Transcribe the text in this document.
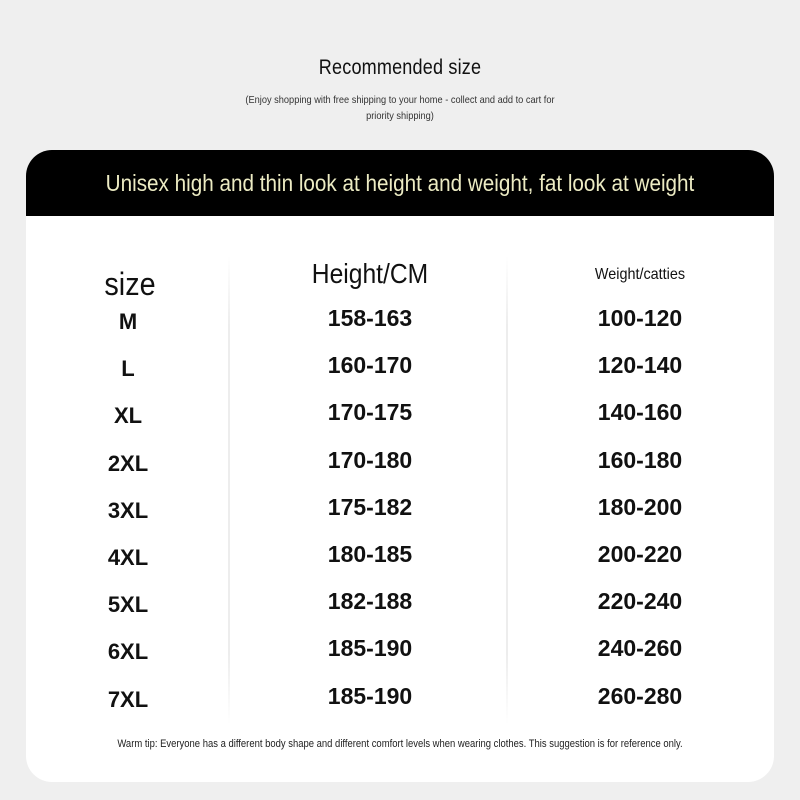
Recommended size
(Enjoy shopping with free shipping to your home - collect and add to cart for priority shipping)
Unisex high and thin look at height and weight, fat look at weight
size	Height/CM	Weight/catties
M	158-163	100-120
L	160-170	120-140
XL	170-175	140-160
2XL	170-180	160-180
3XL	175-182	180-200
4XL	180-185	200-220
5XL	182-188	220-240
6XL	185-190	240-260
7XL	185-190	260-280
Warm tip: Everyone has a different body shape and different comfort levels when wearing clothes. This suggestion is for reference only.
